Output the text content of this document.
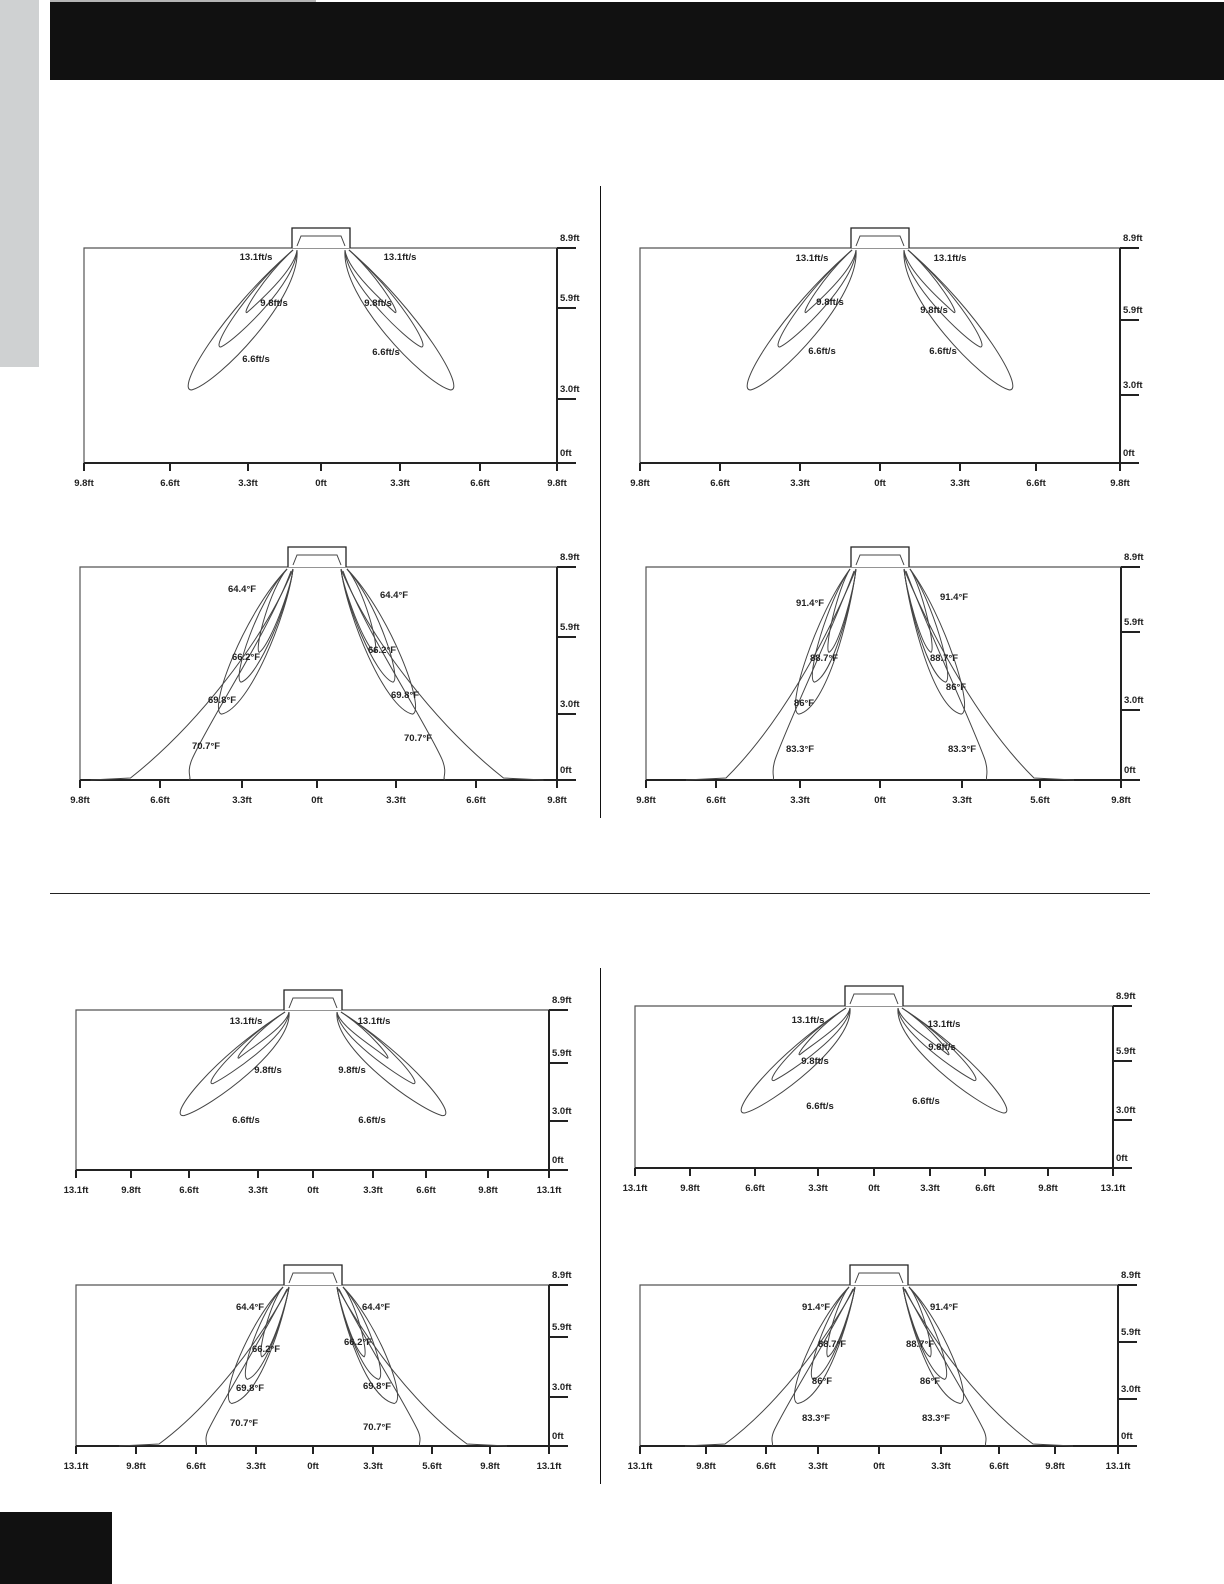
8.9ft
5.9ft
3.0ft
0ft
9.8ft	6.6ft	3.3ft	0ft	3.3ft	6.6ft	9.8ft
13.1ft/s	13.1ft/s
9.8ft/s	9.8ft/s
6.6ft/s
6.6ft/s
8.9ft
5.9ft
3.0ft
0ft
9.8ft	6.6ft	3.3ft	0ft	3.3ft	6.6ft	9.8ft
13.1ft/s	13.1ft/s
9.8ft/s
9.8ft/s
6.6ft/s	6.6ft/s
8.9ft
5.9ft
3.0ft
0ft
9.8ft	6.6ft	3.3ft	0ft	3.3ft	6.6ft	9.8ft
64.4°F
64.4°F
66.2°F
66.2°F
69.8°F	69.8°F
70.7°F
70.7°F
8.9ft
5.9ft
3.0ft
0ft
9.8ft	6.6ft	3.3ft	0ft	3.3ft	5.6ft	9.8ft
91.4°F
91.4°F
88.7°F	88.7°F
86°F
86°F
83.3°F	83.3°F
8.9ft
5.9ft
3.0ft
0ft
13.1ft	9.8ft	6.6ft	3.3ft	0ft	3.3ft	6.6ft	9.8ft	13.1ft
13.1ft/s	13.1ft/s
9.8ft/s	9.8ft/s
6.6ft/s	6.6ft/s
8.9ft
5.9ft
3.0ft
0ft
13.1ft	9.8ft	6.6ft	3.3ft	0ft	3.3ft	6.6ft	9.8ft	13.1ft
13.1ft/s	13.1ft/s
9.8ft/s
9.8ft/s
6.6ft/s	6.6ft/s
8.9ft
5.9ft
3.0ft
0ft
13.1ft	9.8ft	6.6ft	3.3ft	0ft	3.3ft	5.6ft	9.8ft	13.1ft
64.4°F	64.4°F
66.2°F
66.2°F
69.8°F	69.8°F
70.7°F	70.7°F
8.9ft
5.9ft
3.0ft
0ft
13.1ft	9.8ft	6.6ft	3.3ft	0ft	3.3ft	6.6ft	9.8ft	13.1ft
91.4°F	91.4°F
88.7°F	88.7°F
86°F	86°F
83.3°F	83.3°F
